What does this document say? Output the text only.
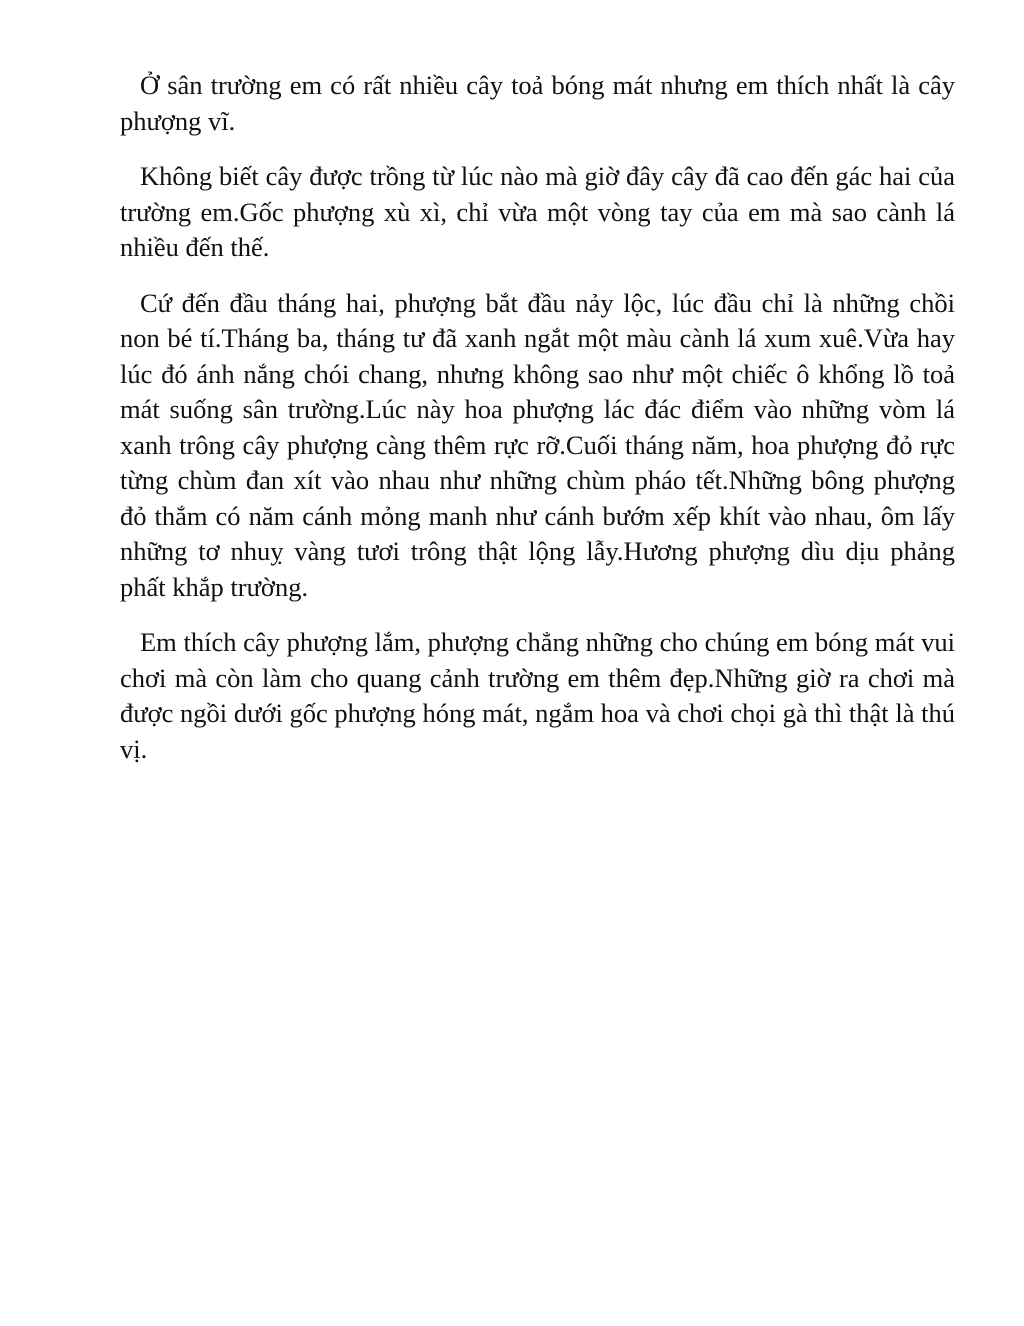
Ở sân trường em có rất nhiều cây toả bóng mát nhưng em thích nhất là cây phượng vĩ.

Không biết cây được trồng từ lúc nào mà giờ đây cây đã cao đến gác hai của trường em.Gốc phượng xù xì, chỉ vừa một vòng tay của em mà sao cành lá nhiều đến thế.

Cứ đến đầu tháng hai, phượng bắt đầu nảy lộc, lúc đầu chỉ là những chồi non bé tí.Tháng ba, tháng tư đã xanh ngắt một màu cành lá xum xuê.Vừa hay lúc đó ánh nắng chói chang, nhưng không sao như một chiếc ô khổng lồ toả mát suống sân trường.Lúc này hoa phượng lác đác điểm vào những vòm lá xanh trông cây phượng càng thêm rực rỡ.Cuối tháng năm, hoa phượng đỏ rực từng chùm đan xít vào nhau như những chùm pháo tết.Những bông phượng đỏ thắm có năm cánh mỏng manh như cánh bướm xếp khít vào nhau, ôm lấy những tơ nhuỵ vàng tươi trông thật lộng lẫy.Hương phượng dìu dịu phảng phất khắp trường.

Em thích cây phượng lắm, phượng chẳng những cho chúng em bóng mát vui chơi mà còn làm cho quang cảnh trường em thêm đẹp.Những giờ ra chơi mà được ngồi dưới gốc phượng hóng mát, ngắm hoa và chơi chọi gà thì thật là thú vị.
